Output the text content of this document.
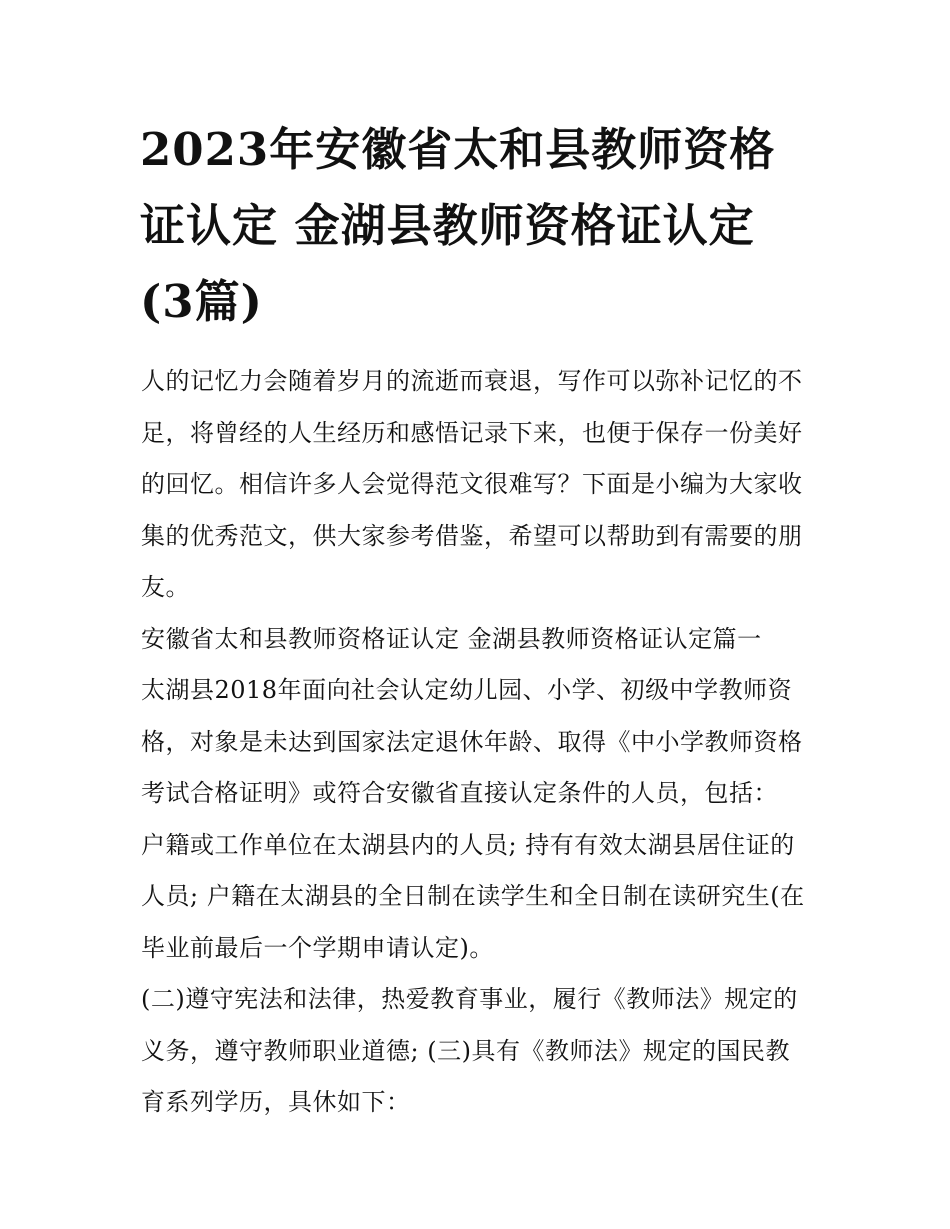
2023年安徽省太和县教师资格
证认定 金湖县教师资格证认定
(3篇)
人的记忆力会随着岁月的流逝而衰退，写作可以弥补记忆的不
足，将曾经的人生经历和感悟记录下来，也便于保存一份美好
的回忆。相信许多人会觉得范文很难写？下面是小编为大家收
集的优秀范文，供大家参考借鉴，希望可以帮助到有需要的朋
友。
安徽省太和县教师资格证认定 金湖县教师资格证认定篇一
太湖县2018年面向社会认定幼儿园、小学、初级中学教师资
格，对象是未达到国家法定退休年龄、取得《中小学教师资格
考试合格证明》或符合安徽省直接认定条件的人员，包括：
户籍或工作单位在太湖县内的人员; 持有有效太湖县居住证的
人员; 户籍在太湖县的全日制在读学生和全日制在读研究生(在
毕业前最后一个学期申请认定)。
(二)遵守宪法和法律，热爱教育事业，履行《教师法》规定的
义务，遵守教师职业道德; (三)具有《教师法》规定的国民教
育系列学历，具休如下：
